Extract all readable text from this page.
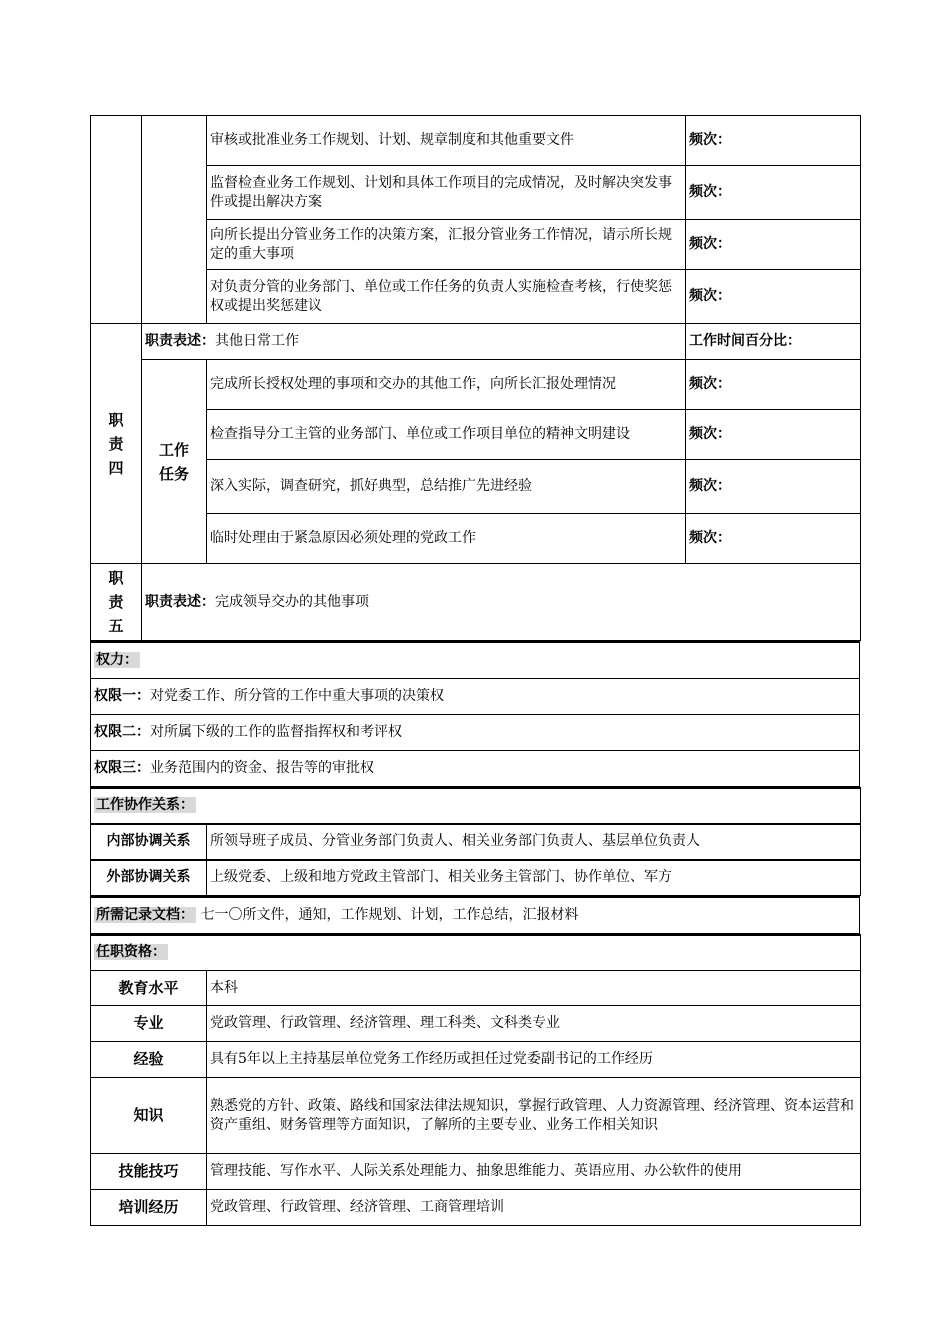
		审核或批准业务工作规划、计划、规章制度和其他重要文件	频次：
		监督检查业务工作规划、计划和具体工作项目的完成情况，及时解决突发事件或提出解决方案	频次：
		向所长提出分管业务工作的决策方案，汇报分管业务工作情况，请示所长规定的重大事项	频次：
		对负责分管的业务部门、单位或工作任务的负责人实施检查考核，行使奖惩权或提出奖惩建议	频次：
职
责
四	职责表述：其他日常工作		工作时间百分比：
	工作
任务	完成所长授权处理的事项和交办的其他工作，向所长汇报处理情况	频次：
		检查指导分工主管的业务部门、单位或工作项目单位的精神文明建设	频次：
		深入实际，调查研究，抓好典型，总结推广先进经验	频次：
		临时处理由于紧急原因必须处理的党政工作	频次：
职
责
五	职责表述：完成领导交办的其他事项		
权力：
权限一：对党委工作、所分管的工作中重大事项的决策权
权限二：对所属下级的工作的监督指挥权和考评权
权限三：业务范围内的资金、报告等的审批权
工作协作关系：	
内部协调关系	所领导班子成员、分管业务部门负责人、相关业务部门负责人、基层单位负责人
外部协调关系	上级党委、上级和地方党政主管部门、相关业务主管部门、协作单位、军方
所需记录文档： 七一〇所文件，通知，工作规划、计划，工作总结，汇报材料
任职资格：	
教育水平	本科
专业	党政管理、行政管理、经济管理、理工科类、文科类专业
经验	具有5年以上主持基层单位党务工作经历或担任过党委副书记的工作经历
知识	熟悉党的方针、政策、路线和国家法律法规知识，掌握行政管理、人力资源管理、经济管理、资本运营和资产重组、财务管理等方面知识，了解所的主要专业、业务工作相关知识
技能技巧	管理技能、写作水平、人际关系处理能力、抽象思维能力、英语应用、办公软件的使用
培训经历	党政管理、行政管理、经济管理、工商管理培训
